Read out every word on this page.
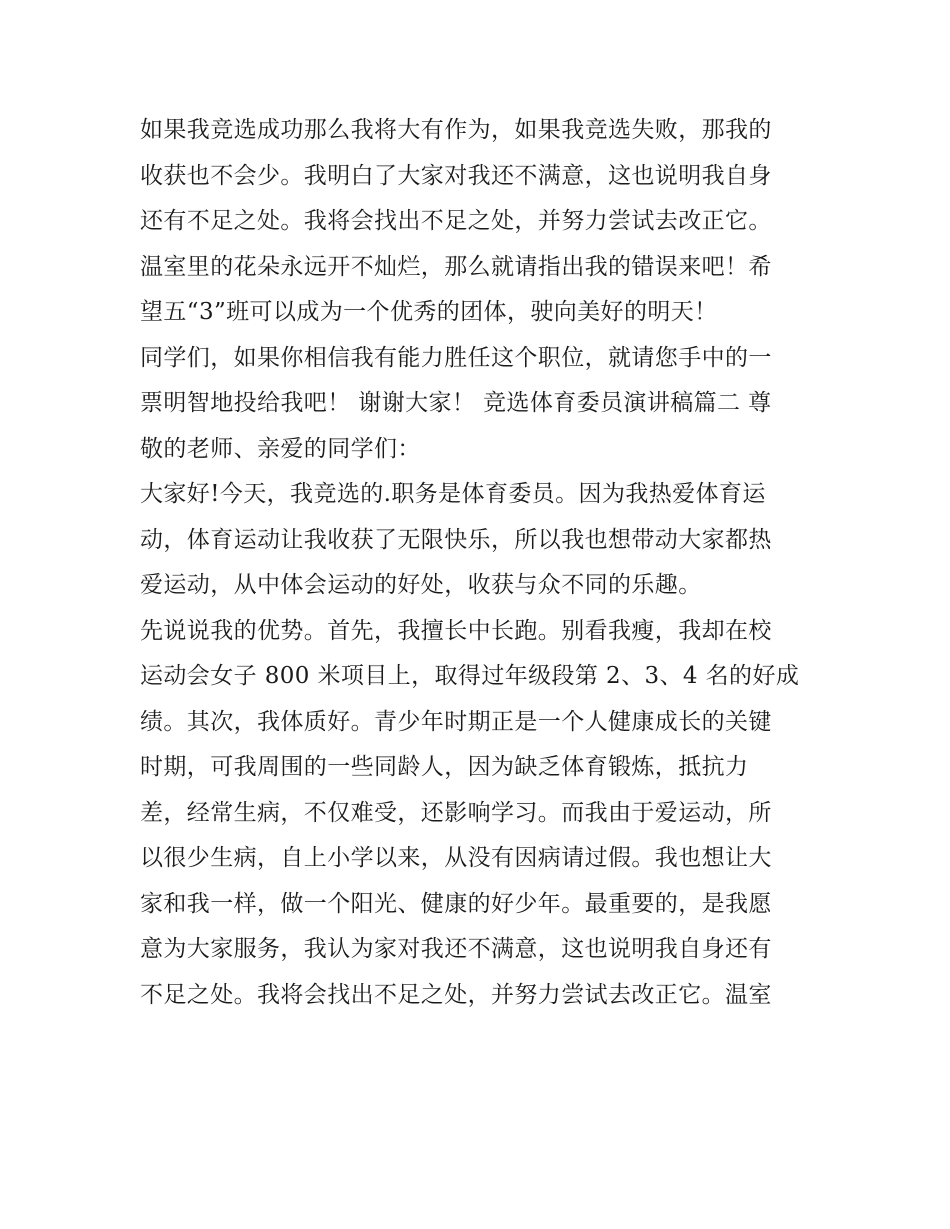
如果我竞选成功那么我将大有作为，如果我竞选失败，那我的
收获也不会少。我明白了大家对我还不满意，这也说明我自身
还有不足之处。我将会找出不足之处，并努力尝试去改正它。
温室里的花朵永远开不灿烂，那么就请指出我的错误来吧！希
望五“3”班可以成为一个优秀的团体，驶向美好的明天！
同学们，如果你相信我有能力胜任这个职位，就请您手中的一
票明智地投给我吧！ 谢谢大家！ 竞选体育委员演讲稿篇二 尊
敬的老师、亲爱的同学们：
大家好!今天，我竞选的.职务是体育委员。因为我热爱体育运
动，体育运动让我收获了无限快乐，所以我也想带动大家都热
爱运动，从中体会运动的好处，收获与众不同的乐趣。
先说说我的优势。首先，我擅长中长跑。别看我瘦，我却在校
运动会女子 800 米项目上，取得过年级段第 2、3、4 名的好成
绩。其次，我体质好。青少年时期正是一个人健康成长的关键
时期，可我周围的一些同龄人，因为缺乏体育锻炼，抵抗力
差，经常生病，不仅难受，还影响学习。而我由于爱运动，所
以很少生病，自上小学以来，从没有因病请过假。我也想让大
家和我一样，做一个阳光、健康的好少年。最重要的，是我愿
意为大家服务，我认为家对我还不满意，这也说明我自身还有
不足之处。我将会找出不足之处，并努力尝试去改正它。温室
